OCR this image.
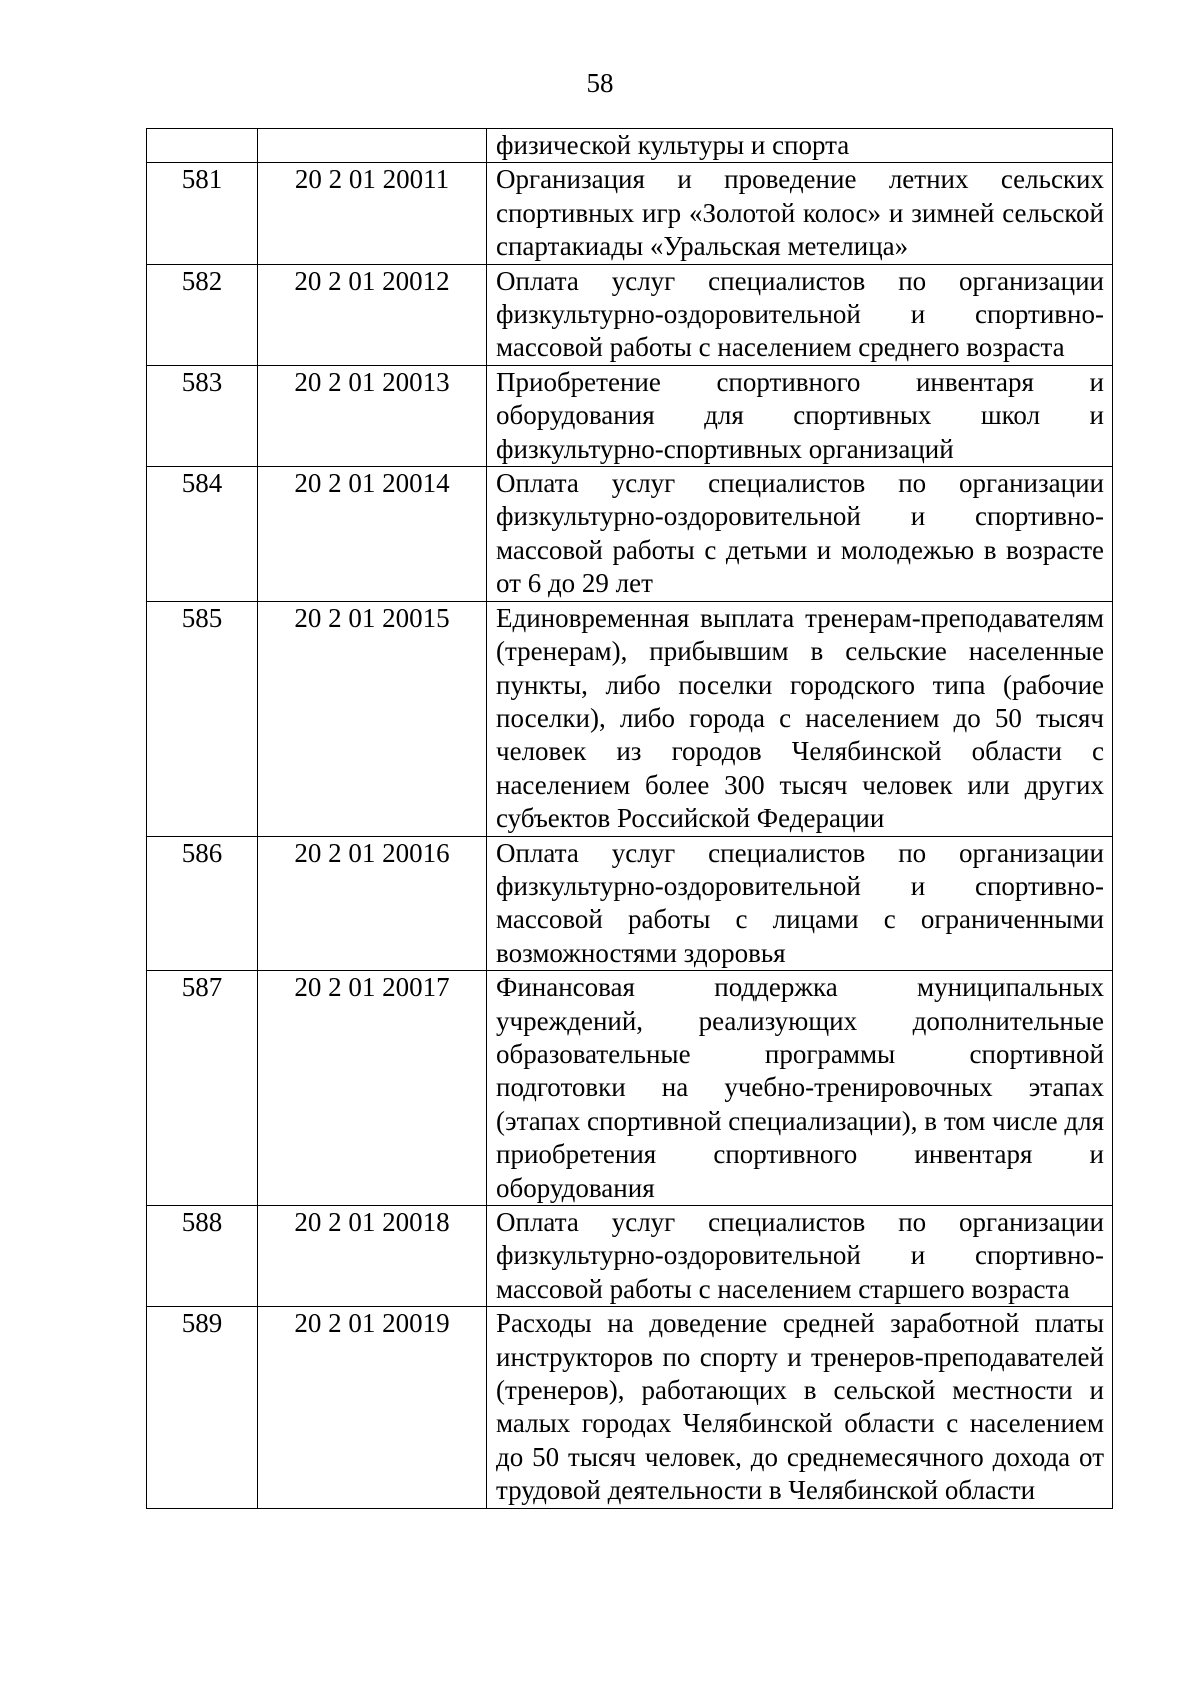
58
		физической культуры и спорта
581	20 2 01 20011	Организация и проведение летних сельских спортивных игр «Золотой колос» и зимней сельской спартакиады «Уральская метелица»
582	20 2 01 20012	Оплата услуг специалистов по организации физкультурно-оздоровительной и спортивно-массовой работы с населением среднего возраста
583	20 2 01 20013	Приобретение спортивного инвентаря и оборудования для спортивных школ и физкультурно-спортивных организаций
584	20 2 01 20014	Оплата услуг специалистов по организации физкультурно-оздоровительной и спортивно-массовой работы с детьми и молодежью в возрасте от 6 до 29 лет
585	20 2 01 20015	Единовременная выплата тренерам-преподавателям (тренерам), прибывшим в сельские населенные пункты, либо поселки городского типа (рабочие поселки), либо города с населением до 50 тысяч человек из городов Челябинской области с населением более 300 тысяч человек или других субъектов Российской Федерации
586	20 2 01 20016	Оплата услуг специалистов по организации физкультурно-оздоровительной и спортивно-массовой работы с лицами с ограниченными возможностями здоровья
587	20 2 01 20017	Финансовая поддержка муниципальных учреждений, реализующих дополнительные образовательные программы спортивной подготовки на учебно-тренировочных этапах (этапах спортивной специализации), в том числе для приобретения спортивного инвентаря и оборудования
588	20 2 01 20018	Оплата услуг специалистов по организации физкультурно-оздоровительной и спортивно-массовой работы с населением старшего возраста
589	20 2 01 20019	Расходы на доведение средней заработной платы инструкторов по спорту и тренеров-преподавателей (тренеров), работающих в сельской местности и малых городах Челябинской области с населением до 50 тысяч человек, до среднемесячного дохода от трудовой деятельности в Челябинской области
